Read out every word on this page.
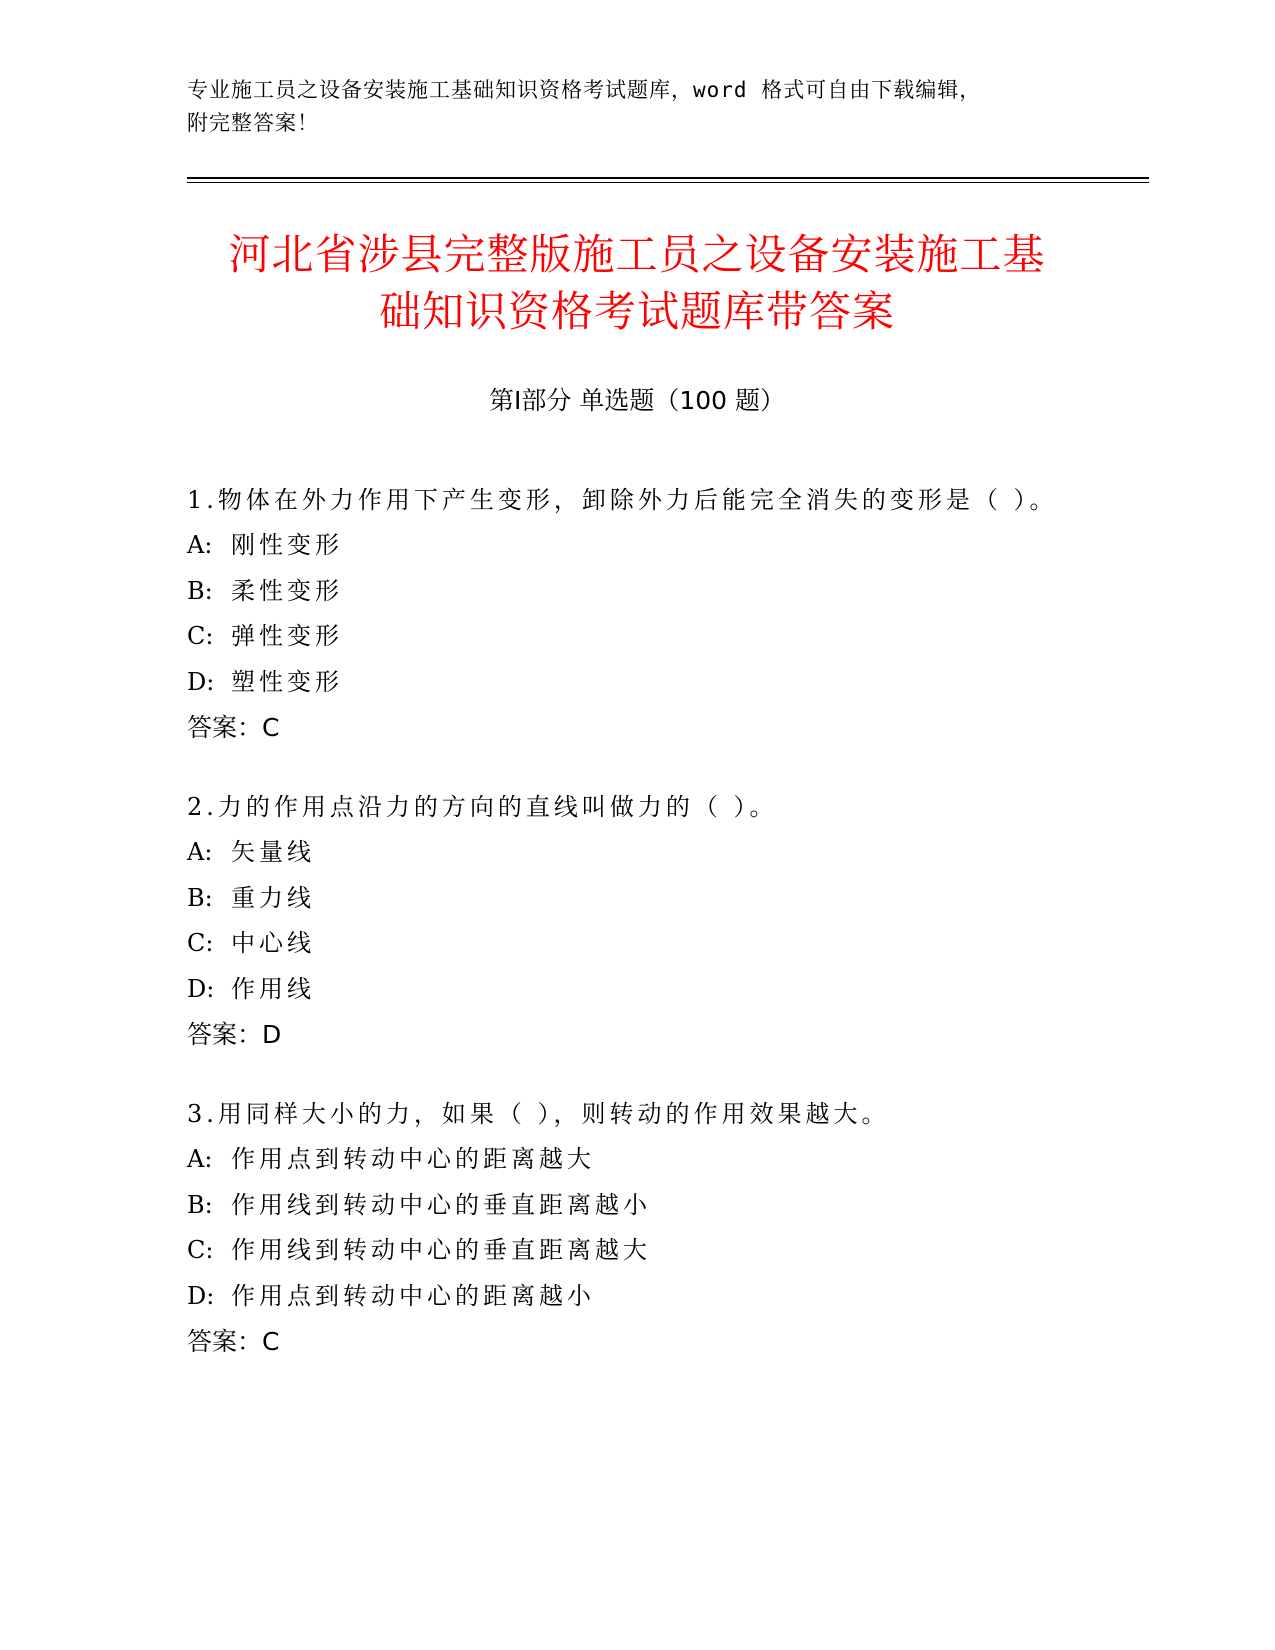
专业施工员之设备安装施工基础知识资格考试题库，word 格式可自由下载编辑，
附完整答案！
河北省涉县完整版施工员之设备安装施工基
础知识资格考试题库带答案
第Ⅰ部分 单选题（100 题）
1.物体在外力作用下产生变形，卸除外力后能完全消失的变形是（ ）。
A: 刚性变形
B: 柔性变形
C: 弹性变形
D: 塑性变形
答案：C
2.力的作用点沿力的方向的直线叫做力的（ ）。
A: 矢量线
B: 重力线
C: 中心线
D: 作用线
答案：D
3.用同样大小的力，如果（ ），则转动的作用效果越大。
A: 作用点到转动中心的距离越大
B: 作用线到转动中心的垂直距离越小
C: 作用线到转动中心的垂直距离越大
D: 作用点到转动中心的距离越小
答案：C
